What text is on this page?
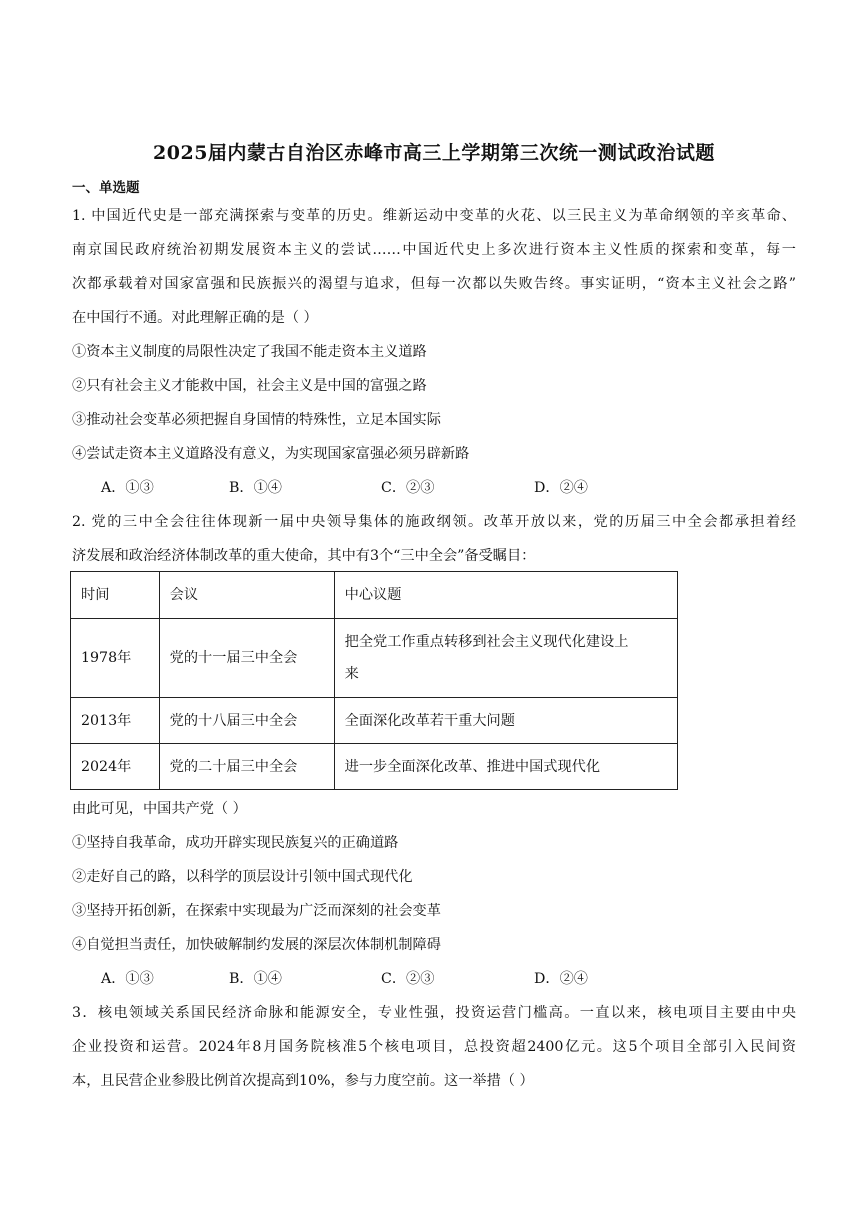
2025届内蒙古自治区赤峰市高三上学期第三次统一测试政治试题
一、单选题
1. 中国近代史是一部充满探索与变革的历史。维新运动中变革的火花、以三民主义为革命纲领的辛亥革命、
南京国民政府统治初期发展资本主义的尝试……中国近代史上多次进行资本主义性质的探索和变革，每一
次都承载着对国家富强和民族振兴的渴望与追求，但每一次都以失败告终。事实证明，“资本主义社会之路”
在中国行不通。对此理解正确的是（ ）
①资本主义制度的局限性决定了我国不能走资本主义道路
②只有社会主义才能救中国，社会主义是中国的富强之路
③推动社会变革必须把握自身国情的特殊性，立足本国实际
④尝试走资本主义道路没有意义，为实现国家富强必须另辟新路
A．①③	B．①④	C．②③	D．②④
2. 党的三中全会往往体现新一届中央领导集体的施政纲领。改革开放以来，党的历届三中全会都承担着经
济发展和政治经济体制改革的重大使命，其中有3个“三中全会”备受瞩目：
时间	会议	中心议题
1978年	党的十一届三中全会	把全党工作重点转移到社会主义现代化建设上
来

2013年	党的十八届三中全会	全面深化改革若干重大问题
2024年	党的二十届三中全会	进一步全面深化改革、推进中国式现代化
由此可见，中国共产党（ ）
①坚持自我革命，成功开辟实现民族复兴的正确道路
②走好自己的路，以科学的顶层设计引领中国式现代化
③坚持开拓创新，在探索中实现最为广泛而深刻的社会变革
④自觉担当责任，加快破解制约发展的深层次体制机制障碍
A．①③	B．①④	C．②③	D．②④
3．核电领域关系国民经济命脉和能源安全，专业性强，投资运营门槛高。一直以来，核电项目主要由中央
企业投资和运营。2024年8月国务院核准5个核电项目，总投资超2400亿元。这5个项目全部引入民间资
本，且民营企业参股比例首次提高到10%，参与力度空前。这一举措（ ）
